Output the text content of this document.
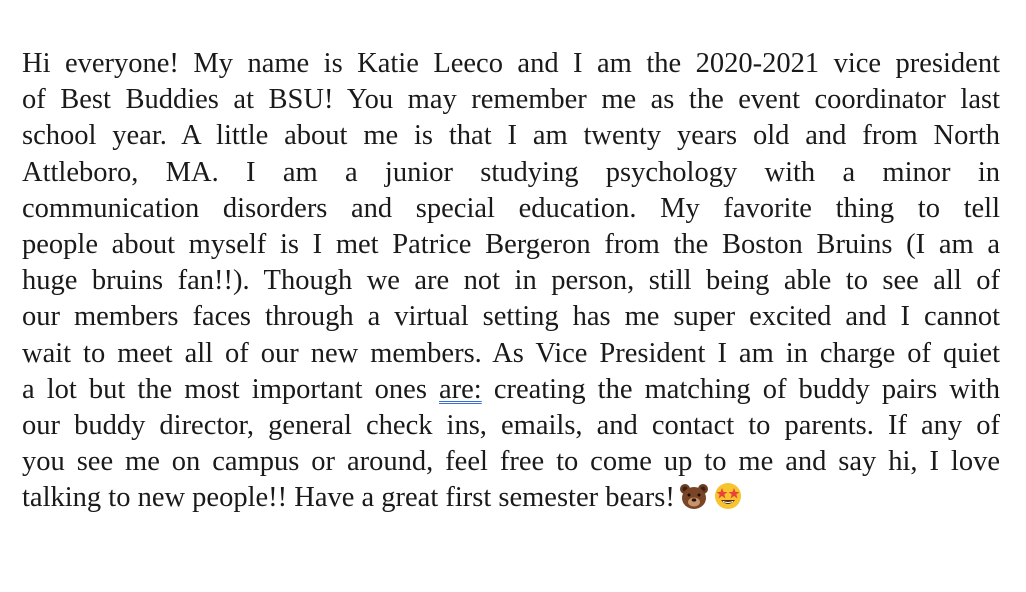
Hi everyone! My name is Katie Leeco and I am the 2020-2021 vice president
of Best Buddies at BSU! You may remember me as the event coordinator last
school year. A little about me is that I am twenty years old and from North
Attleboro, MA. I am a junior studying psychology with a minor in
communication disorders and special education. My favorite thing to tell
people about myself is I met Patrice Bergeron from the Boston Bruins (I am a
huge bruins fan!!). Though we are not in person, still being able to see all of
our members faces through a virtual setting has me super excited and I cannot
wait to meet all of our new members. As Vice President I am in charge of quiet
a lot but the most important ones are: creating the matching of buddy pairs with
our buddy director, general check ins, emails, and contact to parents. If any of
you see me on campus or around, feel free to come up to me and say hi, I love
talking to new people!! Have a great first semester bears!
